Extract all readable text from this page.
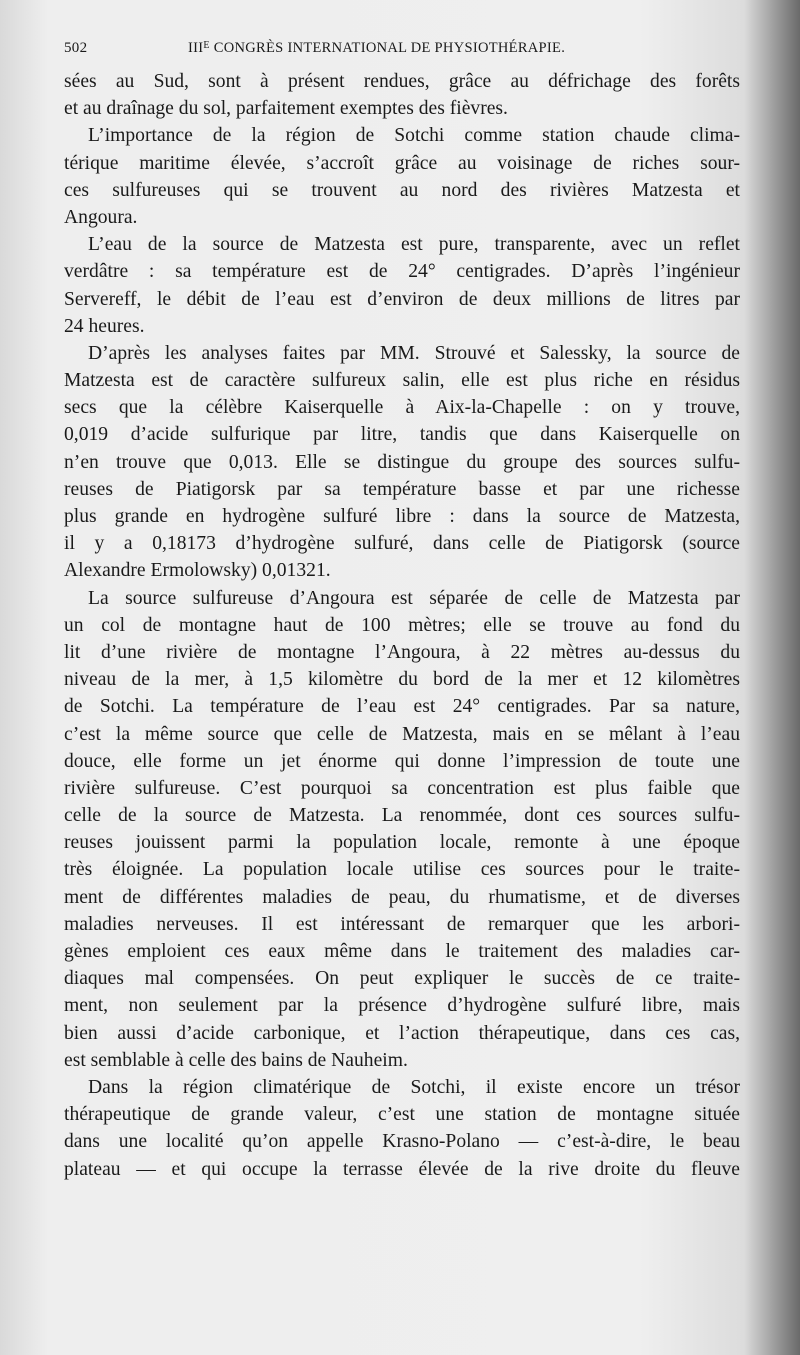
502	$III^E$ CONGRÈS INTERNATIONAL DE PHYSIOTHÉRAPIE.
sées au Sud, sont à présent rendues, grâce au défrichage des forêts
et au draînage du sol, parfaitement exemptes des fièvres.
L’importance de la région de Sotchi comme station chaude clima-
térique maritime élevée, s’accroît grâce au voisinage de riches sour-
ces sulfureuses qui se trouvent au nord des rivières Matzesta et
Angoura.
L’eau de la source de Matzesta est pure, transparente, avec un reflet
verdâtre : sa température est de 24° centigrades. D’après l’ingénieur
Servereff, le débit de l’eau est d’environ de deux millions de litres par
24 heures.
D’après les analyses faites par MM. Strouvé et Salessky, la source de
Matzesta est de caractère sulfureux salin, elle est plus riche en résidus
secs que la célèbre Kaiserquelle à Aix-la-Chapelle : on y trouve,
0,019 d’acide sulfurique par litre, tandis que dans Kaiserquelle on
n’en trouve que 0,013. Elle se distingue du groupe des sources sulfu-
reuses de Piatigorsk par sa température basse et par une richesse
plus grande en hydrogène sulfuré libre : dans la source de Matzesta,
il y a 0,18173 d’hydrogène sulfuré, dans celle de Piatigorsk (source
Alexandre Ermolowsky) 0,01321.
La source sulfureuse d’Angoura est séparée de celle de Matzesta par
un col de montagne haut de 100 mètres; elle se trouve au fond du
lit d’une rivière de montagne l’Angoura, à 22 mètres au-dessus du
niveau de la mer, à 1,5 kilomètre du bord de la mer et 12 kilomètres
de Sotchi. La température de l’eau est 24° centigrades. Par sa nature,
c’est la même source que celle de Matzesta, mais en se mêlant à l’eau
douce, elle forme un jet énorme qui donne l’impression de toute une
rivière sulfureuse. C’est pourquoi sa concentration est plus faible que
celle de la source de Matzesta. La renommée, dont ces sources sulfu-
reuses jouissent parmi la population locale, remonte à une époque
très éloignée. La population locale utilise ces sources pour le traite-
ment de différentes maladies de peau, du rhumatisme, et de diverses
maladies nerveuses. Il est intéressant de remarquer que les arbori-
gènes emploient ces eaux même dans le traitement des maladies car-
diaques mal compensées. On peut expliquer le succès de ce traite-
ment, non seulement par la présence d’hydrogène sulfuré libre, mais
bien aussi d’acide carbonique, et l’action thérapeutique, dans ces cas,
est semblable à celle des bains de Nauheim.
Dans la région climatérique de Sotchi, il existe encore un trésor
thérapeutique de grande valeur, c’est une station de montagne située
dans une localité qu’on appelle Krasno-Polano — c’est-à-dire, le beau
plateau — et qui occupe la terrasse élevée de la rive droite du fleuve
